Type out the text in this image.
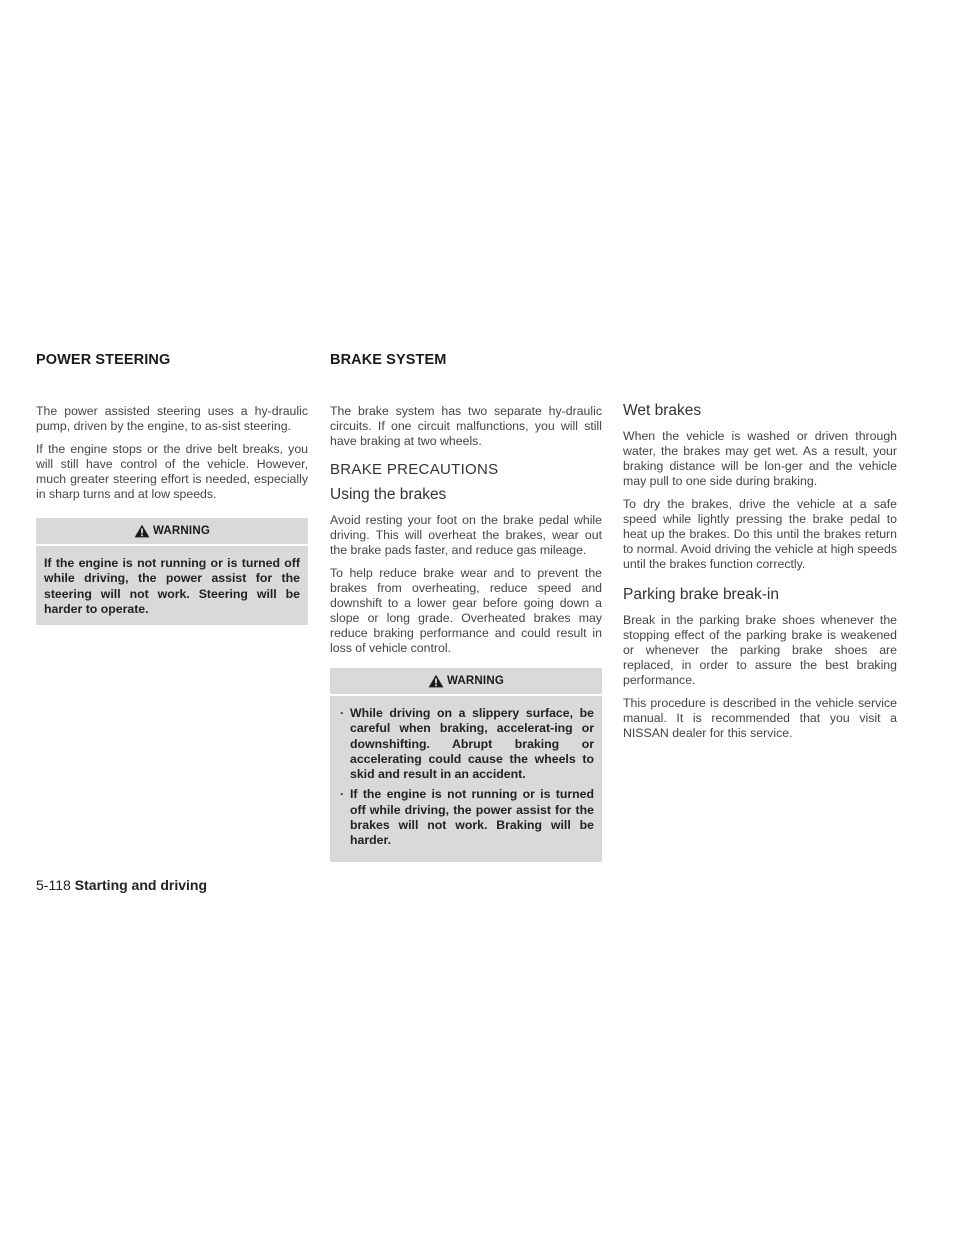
POWER STEERING

The power assisted steering uses a hy-draulic pump, driven by the engine, to as-sist steering.

If the engine stops or the drive belt breaks, you will still have control of the vehicle. However, much greater steering effort is needed, especially in sharp turns and at low speeds.

WARNING

If the engine is not running or is turned off while driving, the power assist for the steering will not work. Steering will be harder to operate.

BRAKE SYSTEM

The brake system has two separate hy-draulic circuits. If one circuit malfunctions, you will still have braking at two wheels.

BRAKE PRECAUTIONS
Using the brakes

Avoid resting your foot on the brake pedal while driving. This will overheat the brakes, wear out the brake pads faster, and reduce gas mileage.

To help reduce brake wear and to prevent the brakes from overheating, reduce speed and downshift to a lower gear before going down a slope or long grade. Overheated brakes may reduce braking performance and could result in loss of vehicle control.

WARNING
· While driving on a slippery surface, be careful when braking, accelerat-ing or downshifting. Abrupt braking or accelerating could cause the wheels to skid and result in an accident.
· If the engine is not running or is turned off while driving, the power assist for the brakes will not work. Braking will be harder.
Wet brakes

When the vehicle is washed or driven through water, the brakes may get wet. As a result, your braking distance will be lon-ger and the vehicle may pull to one side during braking.

To dry the brakes, drive the vehicle at a safe speed while lightly pressing the brake pedal to heat up the brakes. Do this until the brakes return to normal. Avoid driving the vehicle at high speeds until the brakes function correctly.

Parking brake break-in

Break in the parking brake shoes whenever the stopping effect of the parking brake is weakened or whenever the parking brake shoes are replaced, in order to assure the best braking performance.

This procedure is described in the vehicle service manual. It is recommended that you visit a NISSAN dealer for this service.

5-118 Starting and driving
